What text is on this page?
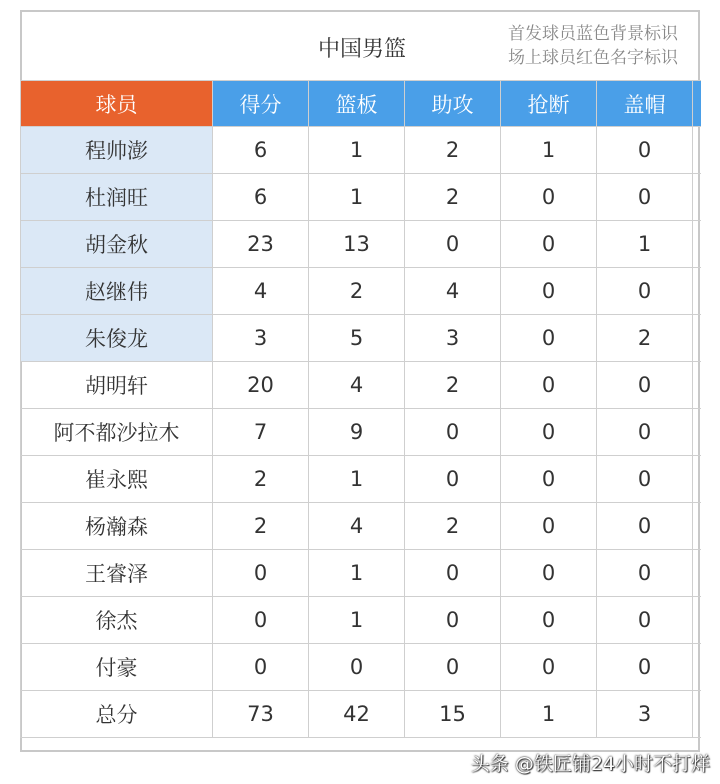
中国男篮
首发球员蓝色背景标识
场上球员红色名字标识
球员	得分	篮板	助攻	抢断	盖帽	
程帅澎	6	1	2	1	0	
杜润旺	6	1	2	0	0	
胡金秋	23	13	0	0	1	
赵继伟	4	2	4	0	0	
朱俊龙	3	5	3	0	2	
胡明轩	20	4	2	0	0	
阿不都沙拉木	7	9	0	0	0	
崔永熙	2	1	0	0	0	
杨瀚森	2	4	2	0	0	
王睿泽	0	1	0	0	0	
徐杰	0	1	0	0	0	
付豪	0	0	0	0	0	
总分	73	42	15	1	3	
头条 @铁匠铺24小时不打烊
